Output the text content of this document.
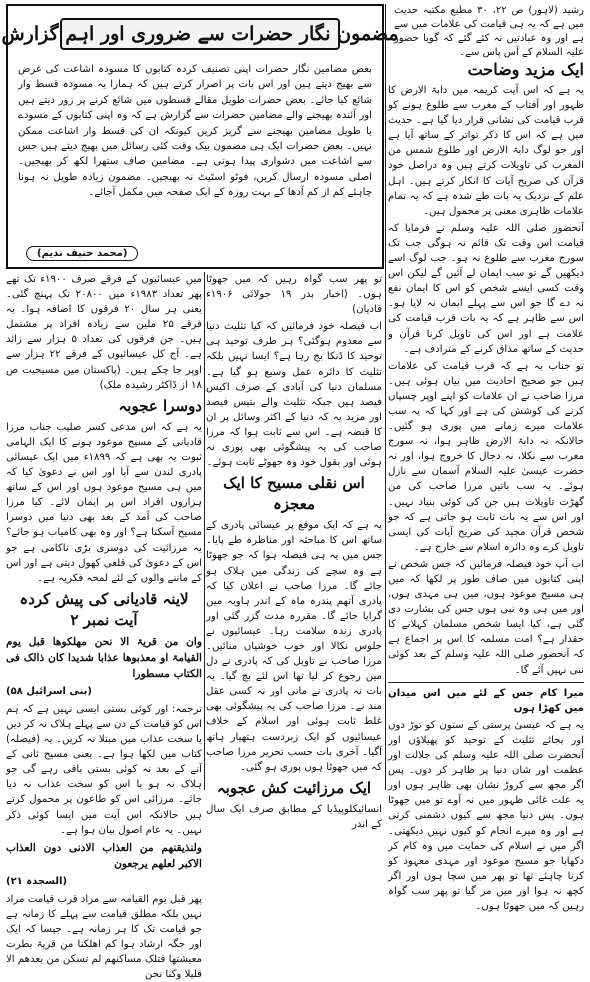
مضمون نگار حضرات سے ضروری اور اہم گزارش
بعض مضامین نگار حضرات اپنی تصنیف کردہ کتابوں کا مسودہ اشاعت کی غرض سے بھیج دیتے ہیں اور اس بات پر اصرار کرتے ہیں کہ ہمارا یہ مسودہ قسط وار شائع کیا جائے۔ بعض حضرات طویل مقالے قسطوں میں شائع کرنے پر زور دیتے ہیں اور آئندہ بھیجنے والے مضامین حضرات سے گزارش ہے کہ وہ اپنی کتابوں کے مسودے یا طویل مضامین بھیجنے سے گریز کریں کیونکہ ان کی قسط وار اشاعت ممکن نہیں۔ بعض حضرات ایک ہی مضمون بیک وقت کئی رسائل میں بھیج دیتے ہیں جس سے اشاعت میں دشواری پیدا ہوتی ہے۔ مضامین صاف ستھرا لکھ کر بھیجیں۔ اصلی مسودہ ارسال کریں، فوٹو اسٹیٹ نہ بھیجیں۔ مضمون زیادہ طویل نہ ہونا چاہئے کم از کم آدھا کے بہت روزہ کے ایک صفحہ میں مکمل آجائے۔
(محمد حنیف ندیم)
رشید (لاہور) ص ۲۲، ۳۰ مطبع مکتبہ حدیث میں ہے کہ یہ ہی قیامت کی علامات میں سے ہے اور وہ عبادتیں نہ کئے گئے کہ گویا حضور علیہ السلام کے آس پاس سے۔
ایک مزید وضاحت

یہ ہے کہ اس آیت کریمہ میں دابۃ الارض کا ظہور اور آفتاب کے مغرب سے طلوع ہونے کو قرب قیامت کی نشانی قرار دیا گیا ہے۔ حدیث میں ہے کہ اس کا ذکر تواتر کے ساتھ آیا ہے اور جو لوگ دابۃ الارض اور طلوع شمس من المغرب کی تاویلات کرتے ہیں وہ دراصل خود قرآن کی صریح آیات کا انکار کرتے ہیں۔ اہل علم کے نزدیک یہ بات طے شدہ ہے کہ یہ تمام علامات ظاہری معنی پر محمول ہیں۔

آنحضور صلی اللہ علیہ وسلم نے فرمایا کہ قیامت اس وقت تک قائم نہ ہوگی جب تک سورج مغرب سے طلوع نہ ہو۔ جب لوگ اسے دیکھیں گے تو سب ایمان لے آئیں گے لیکن اس وقت کسی ایسے شخص کو اس کا ایمان نفع نہ دے گا جو اس سے پہلے ایمان نہ لایا ہو۔ اس سے ظاہر ہے کہ یہ بات قرب قیامت کی علامت ہے اور اس کی تاویل کرنا قرآن و حدیث کے ساتھ مذاق کرنے کے مترادف ہے۔

تو جناب یہ ہے کہ قرب قیامت کی علامات ہیں جو صحیح احادیث میں بیان ہوئی ہیں۔ مرزا صاحب نے ان علامات کو اپنے اوپر چسپاں کرنے کی کوشش کی ہے اور کہا کہ یہ سب علامات میرے زمانے میں پوری ہو گئیں۔ حالانکہ نہ دابۃ الارض ظاہر ہوا، نہ سورج مغرب سے نکلا، نہ دجال کا خروج ہوا، اور نہ حضرت عیسیٰ علیہ السلام آسمان سے نازل ہوئے۔ یہ سب باتیں مرزا صاحب کی من گھڑت تاویلات ہیں جن کی کوئی بنیاد نہیں۔ اور اس سے یہ بات ثابت ہو جاتی ہے کہ جو شخص قرآن مجید کی صریح آیات کی ایسی تاویل کرے وہ دائرہ اسلام سے خارج ہے۔

اب آپ خود فیصلہ فرمائیں کہ جس شخص نے اپنی کتابوں میں صاف طور پر لکھا کہ میں ہی مسیح موعود ہوں، میں ہی مہدی ہوں، اور میں ہی وہ نبی ہوں جس کی بشارت دی گئی ہے، کیا ایسا شخص مسلمان کہلانے کا حقدار ہے؟ امت مسلمہ کا اس پر اجماع ہے کہ آنحضور صلی اللہ علیہ وسلم کے بعد کوئی نبی نہیں آئے گا۔

میرا کام جس کے لئے میں اس میدان میں کھڑا ہوں

یہ ہے کہ عیسیٰ پرستی کے ستون کو توڑ دوں اور بجائے تثلیث کے توحید کو پھیلاؤں اور آنحضرت صلی اللہ علیہ وسلم کی جلالت اور عظمت اور شان دنیا پر ظاہر کر دوں۔ پس اگر مجھ سے کروڑ نشان بھی ظاہر ہوں اور یہ علت غائی ظہور میں نہ آوے تو میں جھوٹا ہوں۔ پس دنیا مجھ سے کیوں دشمنی کرتی ہے اور وہ میرے انجام کو کیوں نہیں دیکھتی۔ اگر میں نے اسلام کی حمایت میں وہ کام کر دکھایا جو مسیح موعود اور مہدی معہود کو کرنا چاہئے تھا تو پھر میں سچا ہوں اور اگر کچھ نہ ہوا اور میں مر گیا تو پھر سب گواہ رہیں کہ میں جھوٹا ہوں۔

تو پھر سب گواہ رہیں کہ میں جھوٹا ہوں۔ (اخبار بدر ۱۹ جولائی ۱۹۰۶ء قادیان)

اب فیصلہ خود فرمائیں کہ کیا تثلیث دنیا سے معدوم ہوگئی؟ ہر طرف توحید ہی توحید کا ڈنکا بج رہا ہے؟ ایسا نہیں بلکہ تثلیث کا دائرہ عمل وسیع ہو گیا ہے۔ مسلمان دنیا کی آبادی کے صرف اکیس فیصد ہیں جبکہ تثلیث والے بتیس فیصد اور مزید یہ کہ دنیا کے اکثر وسائل پر ان کا قبضہ ہے۔ اس سے ثابت ہوا کہ مرزا صاحب کی یہ پیشگوئی بھی پوری نہ ہوئی اور بقول خود وہ جھوٹے ثابت ہوئے۔

اس نقلی مسیح کا ایک معجزہ

یہ ہے کہ ایک موقع پر عیسائی پادری کے ساتھ اس کا مباحثہ اور مناظرہ طے پایا۔ جس میں یہ ہی فیصلہ ہوا کہ جو جھوٹا ہے وہ سچے کی زندگی میں ہلاک ہو جائے گا۔ مرزا صاحب نے اعلان کیا کہ پادری آتھم پندرہ ماہ کے اندر ہاویہ میں گرایا جائے گا۔ مقررہ مدت گزر گئی اور پادری زندہ سلامت رہا۔ عیسائیوں نے جلوس نکالا اور خوب خوشیاں منائیں۔ مرزا صاحب نے تاویل کی کہ پادری نے دل میں رجوع کر لیا تھا اس لئے بچ گیا۔ یہ بات نہ پادری نے مانی اور نہ کسی عقل مند نے۔ مرزا صاحب کی یہ پیشگوئی بھی غلط ثابت ہوئی اور اسلام کے خلاف عیسائیوں کو ایک زبردست ہتھیار ہاتھ آگیا۔ آخری بات حسب تحریر مرزا صاحب کہ میں جھوٹا ہوں پوری ہو گئی۔

ایک مرزائیت کش عجوبہ

انسائیکلوپیڈیا کے مطابق صرف ایک سال کے اندر

میں عیسائیوں کے فرقے صرف ۱۹۰۰ء تک تھے پھر تعداد ۱۹۸۳ء میں ۲۰۸۰۰ تک پہنچ گئی۔ یعنی ہر سال ۲۰ فرقوں کا اضافہ ہوا۔ یہ فرقے ۲۵ ملین سے زیادہ افراد پر مشتمل ہیں۔ جن فرقوں کی تعداد ۵ ہزار سے زائد ہے۔ آج کل عیسائیوں کے فرقے ۲۲ ہزار سے اوپر جا چکے ہیں۔ (پاکستان میں مسیحیت ص ۱۸ از ڈاکٹر رشیدہ ملک)

دوسرا عجوبہ

یہ ہے کہ اس مدعی کسر صلیب جناب مرزا قادیانی کے مسیح موعود ہونے کا ایک الہامی ثبوت یہ بھی ہے کہ ۱۸۹۹ء میں ایک عیسائی پادری لندن سے آیا اور اس نے دعویٰ کیا کہ میں ہی مسیح موعود ہوں اور اس کے ساتھ ہزاروں افراد اس پر ایمان لائے۔ کیا مرزا صاحب کی آمد کے بعد بھی دنیا میں دوسرا مسیح آسکتا ہے؟ اور وہ بھی کامیاب ہو جائے؟ یہ مرزائیت کی دوسری بڑی ناکامی ہے جو اس کے دعویٰ کی قلعی کھول دیتی ہے اور اس کے ماننے والوں کے لئے لمحہ فکریہ ہے۔

لاینہ قادیانی کی پیش کردہ آیت نمبر ۲
وان من قریۃ الا نحن مھلکوھا قبل یوم القیامۃ او معذبوھا عذابا شدیدا کان ذالک فی الکتاب مسطورا
(بنی اسرائیل ۵۸)

ترجمہ: اور کوئی بستی ایسی نہیں ہے کہ ہم اس کو قیامت کے دن سے پہلے ہلاک نہ کر دیں یا سخت عذاب میں مبتلا نہ کریں۔ یہ (فیصلہ) کتاب میں لکھا ہوا ہے۔ یعنی مسیح ثانی کے آنے کے بعد نہ کوئی بستی باقی رہے گی جو ہلاک نہ ہو یا اس کو سخت عذاب نہ دیا جائے۔ مرزائی اس کو طاعون پر محمول کرتے ہیں حالانکہ اس آیت میں ایسا کوئی ذکر نہیں۔ یہ عام اصول بیان ہوا ہے۔

ولنذیقنھم من العذاب الادنی دون العذاب الاکبر لعلھم یرجعون
(السجدہ ۲۱)

پھر قبل یوم القیامہ سے مراد قرب قیامت مراد نہیں بلکہ مطلق قیامت سے پہلے کا زمانہ ہے جو قیامت تک کا ہر زمانہ ہے۔ جیسا کہ ایک اور جگہ ارشاد ہوا کم اھلکنا من قریۃ بطرت معیشتھا فتلک مساکنھم لم تسکن من بعدھم الا قلیلا وکنا نحن
